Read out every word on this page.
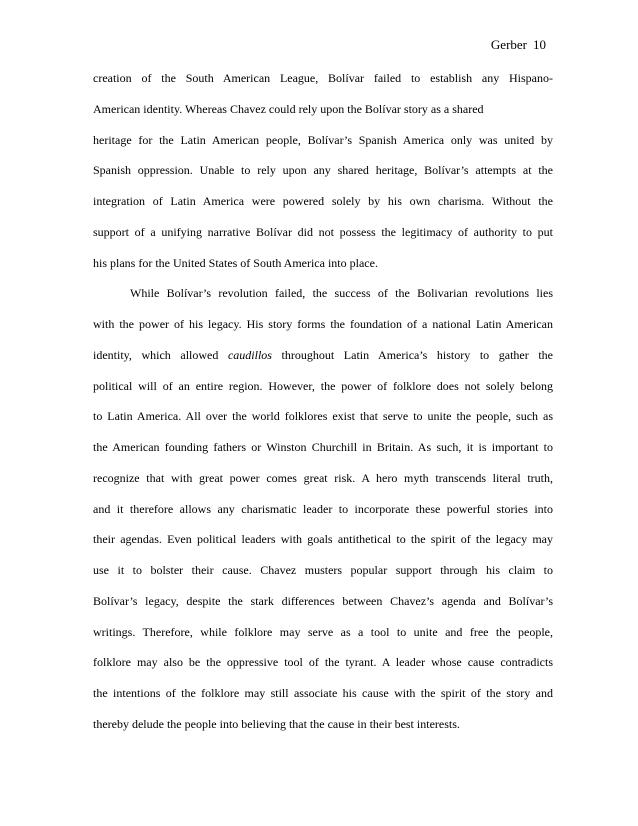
Gerber 10
creation of the South American League, Bolívar failed to establish any Hispano-
American identity. Whereas Chavez could rely upon the Bolívar story as a shared
heritage for the Latin American people, Bolívar’s Spanish America only was united by
Spanish oppression. Unable to rely upon any shared heritage, Bolívar’s attempts at the
integration of Latin America were powered solely by his own charisma. Without the
support of a unifying narrative Bolívar did not possess the legitimacy of authority to put
his plans for the United States of South America into place.
While Bolívar’s revolution failed, the success of the Bolivarian revolutions lies
with the power of his legacy. His story forms the foundation of a national Latin American
identity, which allowed caudillos throughout Latin America’s history to gather the
political will of an entire region. However, the power of folklore does not solely belong
to Latin America. All over the world folklores exist that serve to unite the people, such as
the American founding fathers or Winston Churchill in Britain. As such, it is important to
recognize that with great power comes great risk. A hero myth transcends literal truth,
and it therefore allows any charismatic leader to incorporate these powerful stories into
their agendas. Even political leaders with goals antithetical to the spirit of the legacy may
use it to bolster their cause. Chavez musters popular support through his claim to
Bolívar’s legacy, despite the stark differences between Chavez’s agenda and Bolívar’s
writings. Therefore, while folklore may serve as a tool to unite and free the people,
folklore may also be the oppressive tool of the tyrant. A leader whose cause contradicts
the intentions of the folklore may still associate his cause with the spirit of the story and
thereby delude the people into believing that the cause in their best interests.
